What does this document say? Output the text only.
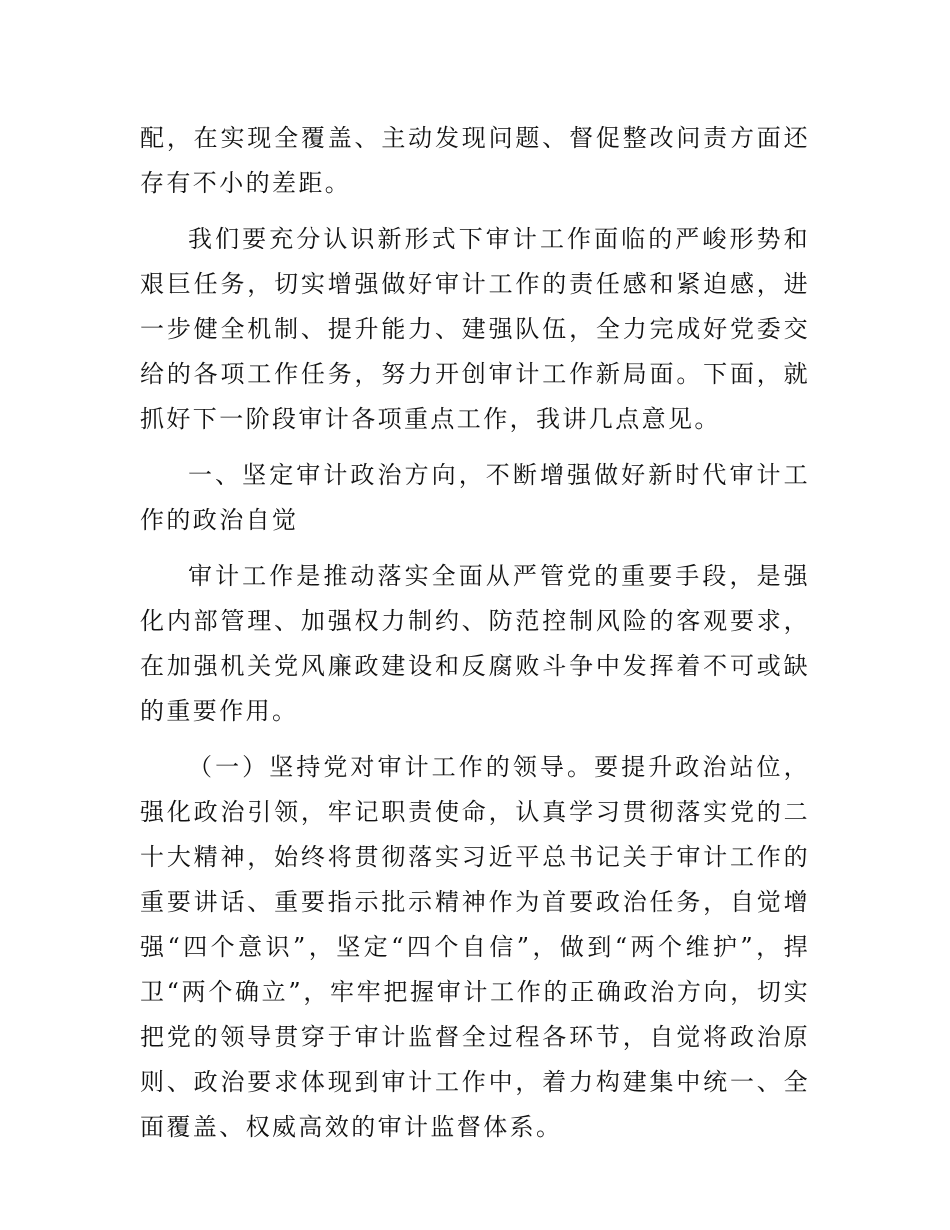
配，在实现全覆盖、主动发现问题、督促整改问责方面还存有不小的差距。

我们要充分认识新形式下审计工作面临的严峻形势和艰巨任务，切实增强做好审计工作的责任感和紧迫感，进一步健全机制、提升能力、建强队伍，全力完成好党委交给的各项工作任务，努力开创审计工作新局面。下面，就抓好下一阶段审计各项重点工作，我讲几点意见。

一、坚定审计政治方向，不断增强做好新时代审计工作的政治自觉

审计工作是推动落实全面从严管党的重要手段，是强化内部管理、加强权力制约、防范控制风险的客观要求，在加强机关党风廉政建设和反腐败斗争中发挥着不可或缺的重要作用。

（一）坚持党对审计工作的领导。要提升政治站位，强化政治引领，牢记职责使命，认真学习贯彻落实党的二十大精神，始终将贯彻落实习近平总书记关于审计工作的重要讲话、重要指示批示精神作为首要政治任务，自觉增强“四个意识”，坚定“四个自信”，做到“两个维护”，捍卫“两个确立”，牢牢把握审计工作的正确政治方向，切实把党的领导贯穿于审计监督全过程各环节，自觉将政治原则、政治要求体现到审计工作中，着力构建集中统一、全面覆盖、权威高效的审计监督体系。
